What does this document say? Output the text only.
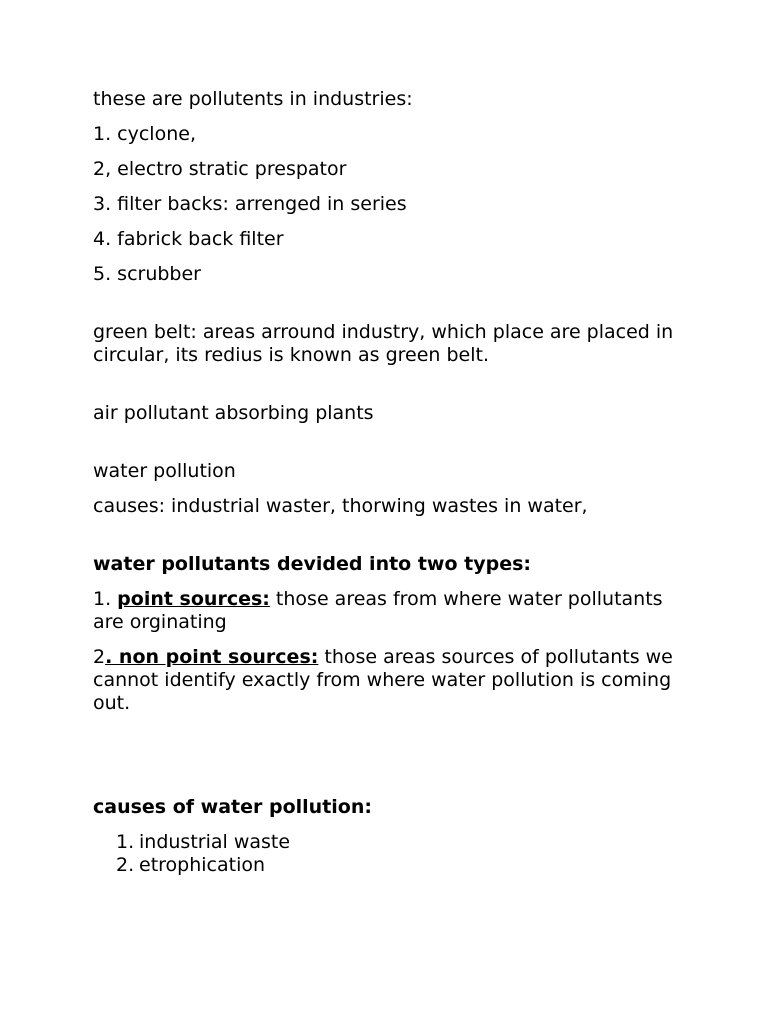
these are pollutents in industries:

1. cyclone,

2, electro stratic prespator

3. filter backs: arrenged in series

4. fabrick back filter

5. scrubber

green belt: areas arround industry, which place are placed in circular, its redius is known as green belt.

air pollutant absorbing plants

water pollution

causes: industrial waster, thorwing wastes in water,

water pollutants devided into two types:

1. point sources: those areas from where water pollutants are orginating

2. non point sources: those areas sources of pollutants we cannot identify exactly from where water pollution is coming out.

causes of water pollution:

1. industrial waste
2. etrophication
